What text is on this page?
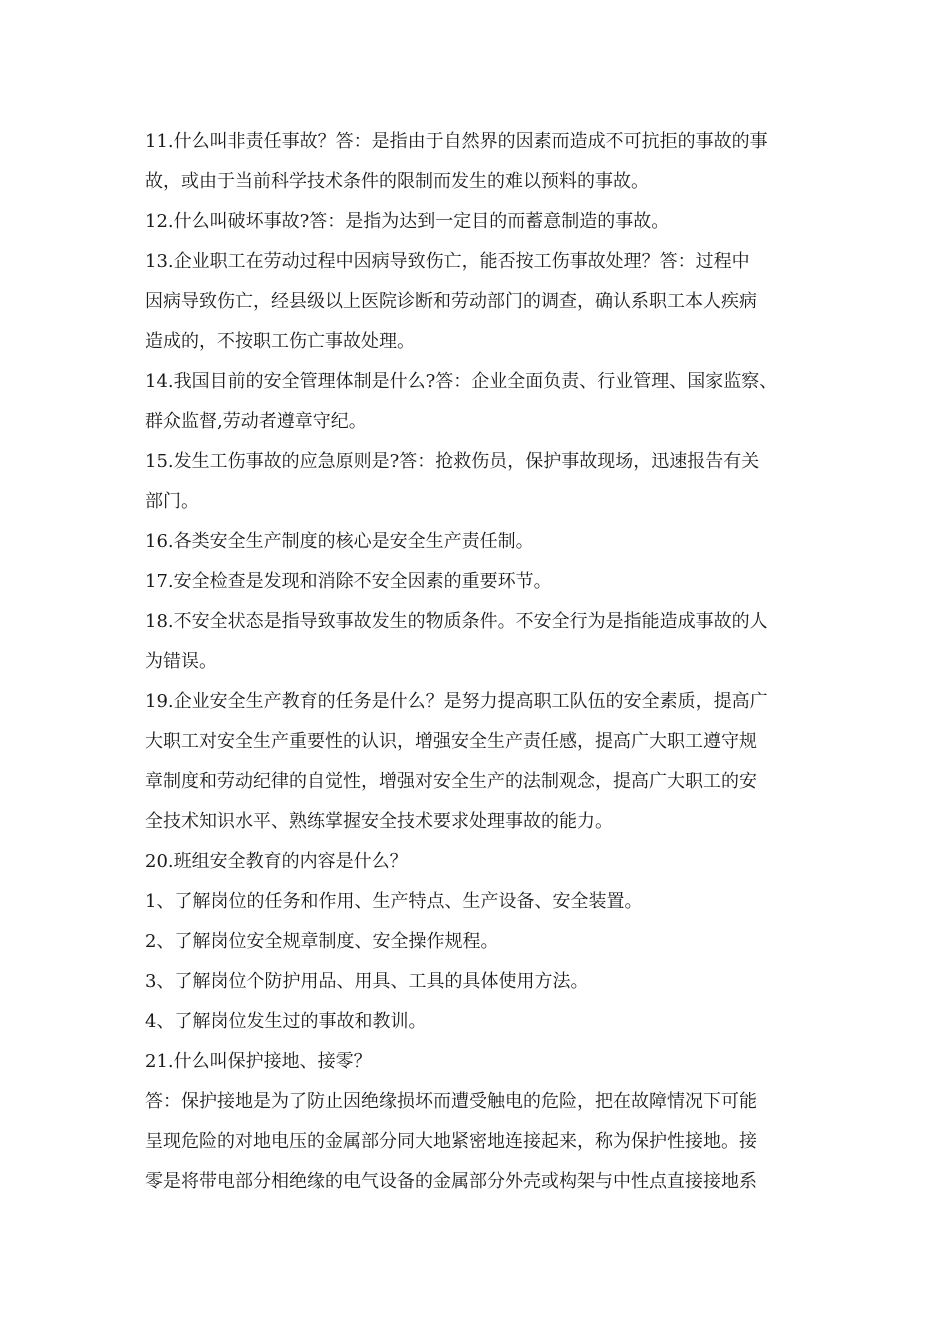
11.什么叫非责任事故？答：是指由于自然界的因素而造成不可抗拒的事故的事
故，或由于当前科学技术条件的限制而发生的难以预料的事故。
12.什么叫破坏事故?答：是指为达到一定目的而蓄意制造的事故。
13.企业职工在劳动过程中因病导致伤亡，能否按工伤事故处理？答：过程中
因病导致伤亡，经县级以上医院诊断和劳动部门的调查，确认系职工本人疾病
造成的，不按职工伤亡事故处理。
14.我国目前的安全管理体制是什么?答：企业全面负责、行业管理、国家监察、
群众监督,劳动者遵章守纪。
15.发生工伤事故的应急原则是?答：抢救伤员，保护事故现场，迅速报告有关
部门。
16.各类安全生产制度的核心是安全生产责任制。
17.安全检查是发现和消除不安全因素的重要环节。
18.不安全状态是指导致事故发生的物质条件。不安全行为是指能造成事故的人
为错误。
19.企业安全生产教育的任务是什么？是努力提高职工队伍的安全素质，提高广
大职工对安全生产重要性的认识，增强安全生产责任感，提高广大职工遵守规
章制度和劳动纪律的自觉性，增强对安全生产的法制观念，提高广大职工的安
全技术知识水平、熟练掌握安全技术要求处理事故的能力。
20.班组安全教育的内容是什么？
1、了解岗位的任务和作用、生产特点、生产设备、安全装置。
2、了解岗位安全规章制度、安全操作规程。
3、了解岗位个防护用品、用具、工具的具体使用方法。
4、了解岗位发生过的事故和教训。
21.什么叫保护接地、接零？
答：保护接地是为了防止因绝缘损坏而遭受触电的危险，把在故障情况下可能
呈现危险的对地电压的金属部分同大地紧密地连接起来，称为保护性接地。接
零是将带电部分相绝缘的电气设备的金属部分外壳或构架与中性点直接接地系
